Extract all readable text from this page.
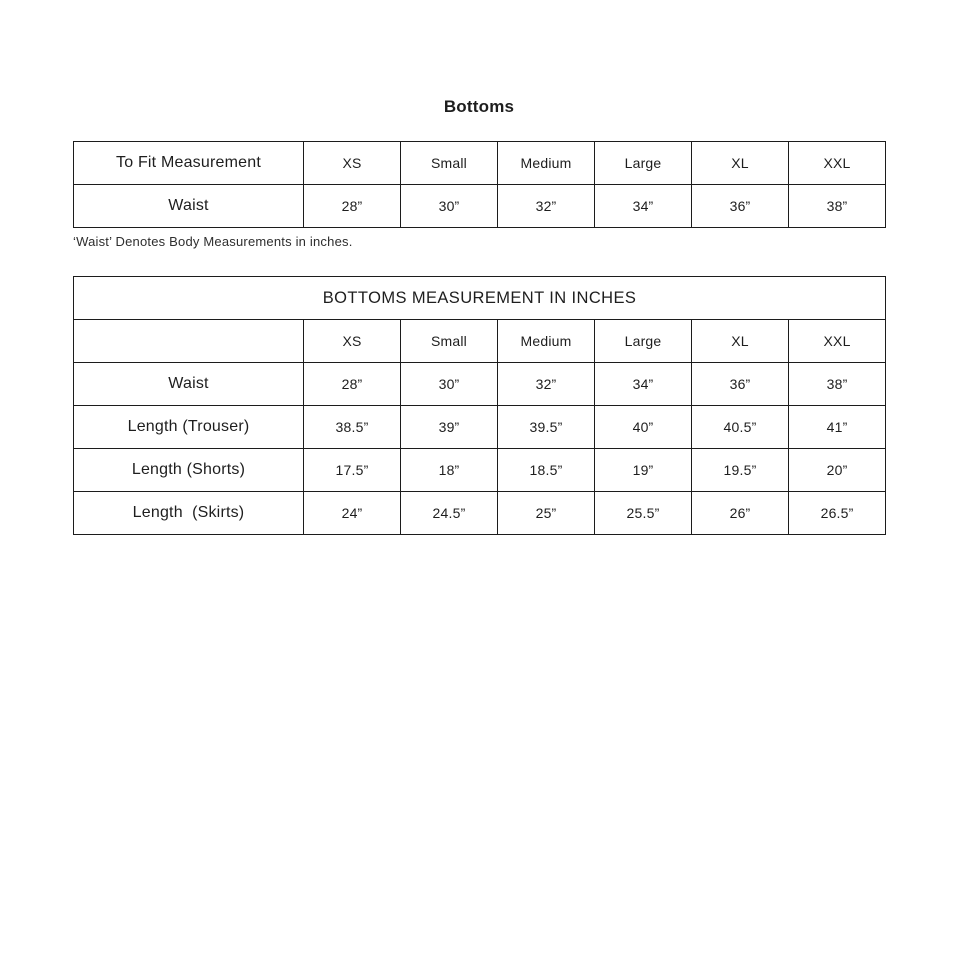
Bottoms
To Fit Measurement	XS	Small	Medium	Large	XL	XXL
Waist	28”	30”	32”	34”	36”	38”

‘Waist’ Denotes Body Measurements in inches.

BOTTOMS MEASUREMENT IN INCHES						
	XS	Small	Medium	Large	XL	XXL
Waist	28”	30”	32”	34”	36”	38”
Length (Trouser)	38.5”	39”	39.5”	40”	40.5”	41”
Length (Shorts)	17.5”	18”	18.5”	19”	19.5”	20”
Length  (Skirts)	24”	24.5”	25”	25.5”	26”	26.5”
